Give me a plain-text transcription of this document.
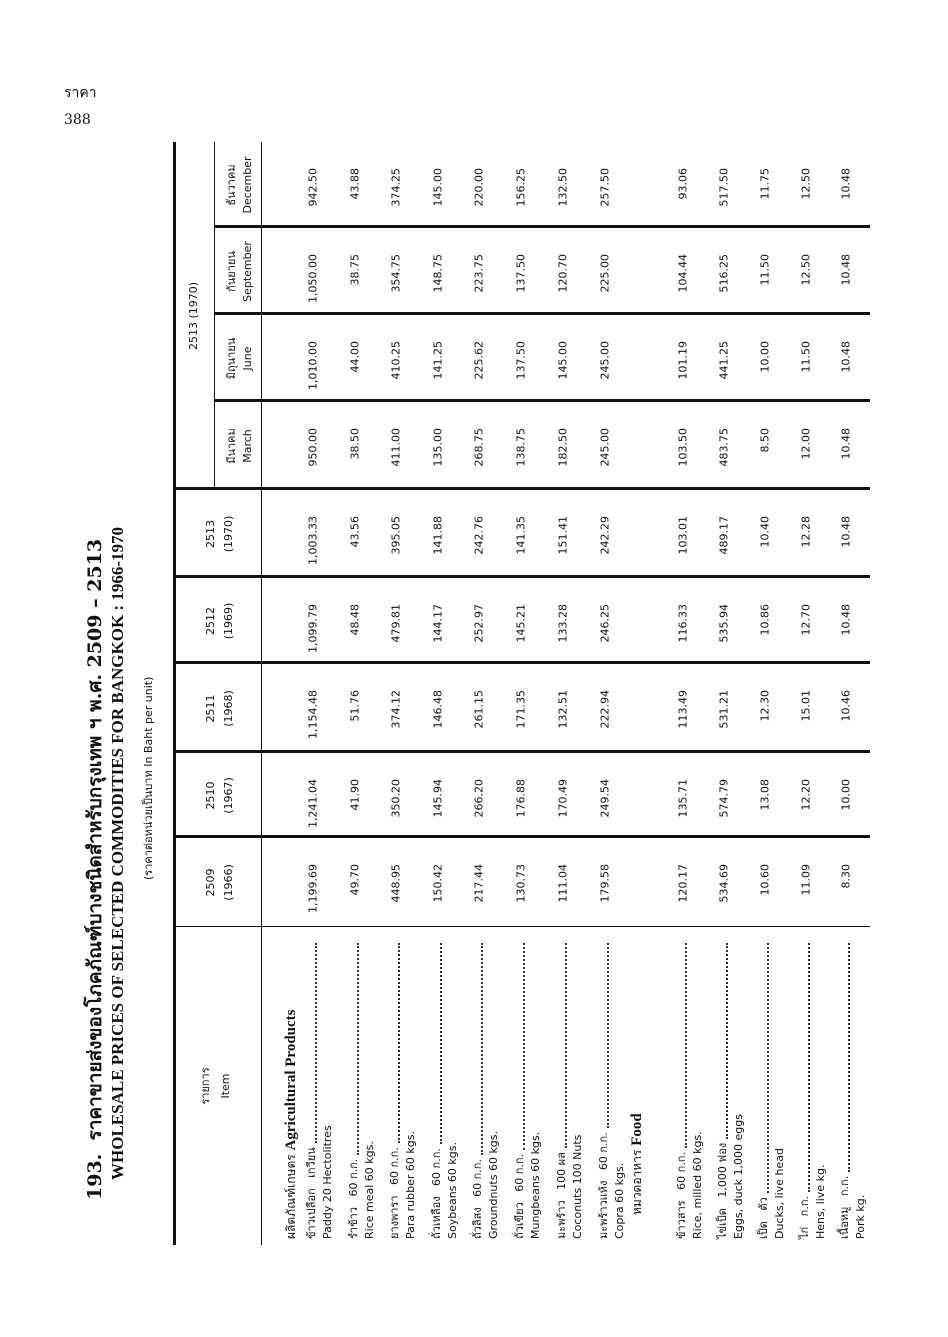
ราคา
388
193.  ราคาขายส่งของโภคภัณฑ์บางชนิดสำหรับกรุงเทพ ฯ พ.ศ. 2509 – 2513 WHOLESALE PRICES OF SELECTED COMMODITIES FOR BANGKOK : 1966-1970 (ราคาต่อหน่วยเป็นบาท In Baht per unit)
รายการ Item
2509 (1966)
2510 (1967)
2511 (1968)
2512 (1969)
2513 (1970)
2513 (1970)
มีนาคม March
มิถุนายน June
กันยายน September
ธันวาคม December
ผลิตภัณฑ์เกษตร Agricultural Products
ข้าวเปลือก   เกวียน Paddy 20 Hectolitres
1,199.69
1,241.04
1,154.48
1,099.79
1,003.33
950.00
1,010.00
1,050.00
942.50
รำข้าว   60 ก.ก. Rice meal 60 kgs.
49.70
41.90
51.76
48.48
43.56
38.50
44.00
38.75
43.88
ยางพารา   60 ก.ก. Para rubber 60 kgs.
448.95
350.20
374.12
479.81
395.05
411.00
410.25
354.75
374.25
ถั่วเหลือง   60 ก.ก. Soybeans 60 kgs.
150.42
145.94
146.48
144.17
141.88
135.00
141.25
148.75
145.00
ถั่วลิสง   60 ก.ก. Groundnuts 60 kgs.
217.44
266.20
261.15
252.97
242.76
268.75
225.62
223.75
220.00
ถั่วเขียว   60 ก.ก. Mungbeans 60 kgs.
130.73
176.88
171.35
145.21
141.35
138.75
137.50
137.50
156.25
มะพร้าว   100 ผล Coconuts 100 Nuts
111.04
170.49
132.51
133.28
151.41
182.50
145.00
120.70
132.50
มะพร้าวแห้ง   60 ก.ก. Copra 60 kgs.
179.58
249.54
222.94
246.25
242.29
245.00
245.00
225.00
257.50
หมวดอาหาร Food
ข้าวสาร   60 ก.ก. Rice, milled 60 kgs.
120.17
135.71
113.49
116.33
103.01
103.50
101.19
104.44
93.06
ไข่เป็ด   1,000 ฟอง Eggs, duck 1,000 eggs
534.69
574.79
531.21
535.94
489.17
483.75
441.25
516.25
517.50
เป็ด   ตัว Ducks, live head
10.60
13.08
12.30
10.86
10.40
8.50
10.00
11.50
11.75
ไก่   ก.ก. Hens, live kg.
11.09
12.20
15.01
12.70
12.28
12.00
11.50
12.50
12.50
เนื้อหมู   ก.ก. Pork kg.
8.30
10.00
10.46
10.48
10.48
10.48
10.48
10.48
10.48
